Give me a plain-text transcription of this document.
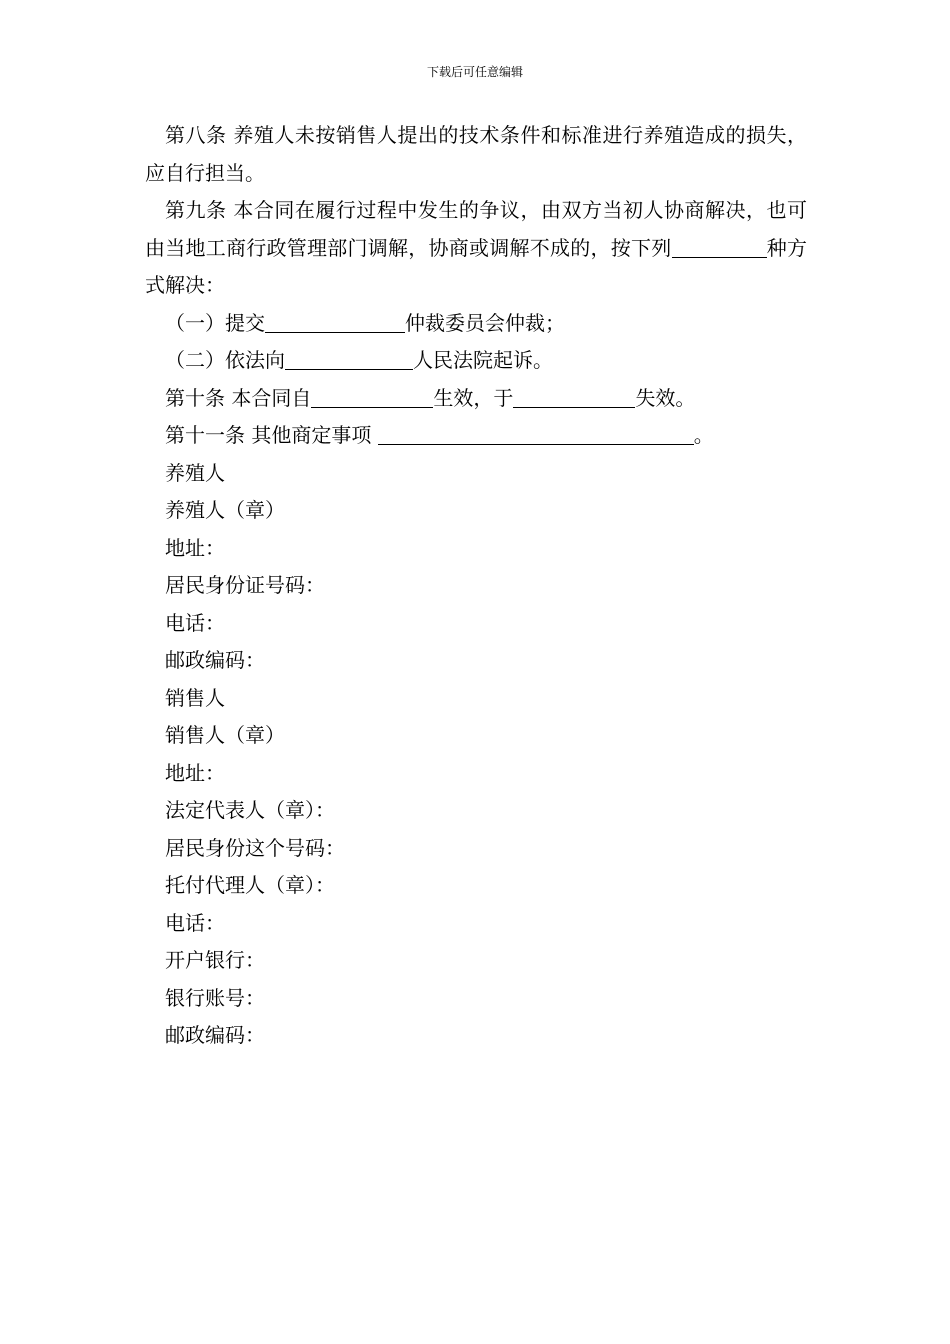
下载后可任意编辑

第八条 养殖人未按销售人提出的技术条件和标准进行养殖造成的损失，应自行担当。

第九条 本合同在履行过程中发生的争议，由双方当初人协商解决，也可由当地工商行政管理部门调解，协商或调解不成的，按下列	种方式解决：

（一）提交	仲裁委员会仲裁；

（二）依法向	人民法院起诉。

第十条 本合同自	生效，于	失效。

第十一条 其他商定事项	。

养殖人

养殖人（章）

地址：

居民身份证号码：

电话：

邮政编码：

销售人

销售人（章）

地址：

法定代表人（章）：

居民身份这个号码：

托付代理人（章）：

电话：

开户银行：

银行账号：

邮政编码：
